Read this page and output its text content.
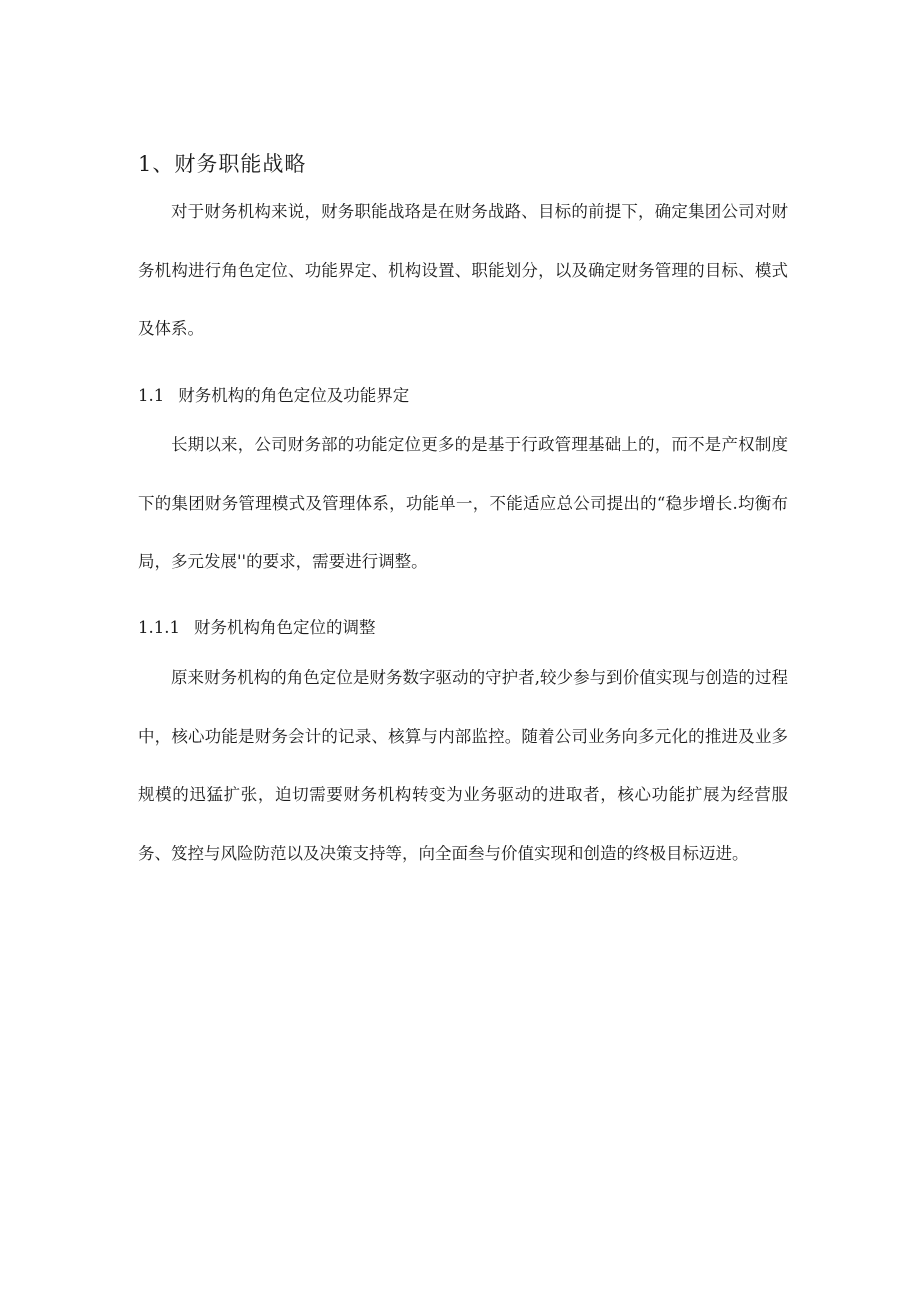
1、财务职能战略

对于财务机构来说，财务职能战珞是在财务战路、目标的前提下，确定集团公司对财务机构进行角色定位、功能界定、机构设置、职能划分，以及确定财务管理的目标、模式及体系。

1.1 财务机构的角色定位及功能界定

长期以来，公司财务部的功能定位更多的是基于行政管理基础上的，而不是产权制度下的集团财务管理模式及管理体系，功能单一，不能适应总公司提出的“稳步增长.均衡布局，多元发展''的要求，需要进行调整。

1.1.1 财务机构角色定位的调整

原来财务机构的角色定位是财务数字驱动的守护者,较少参与到价值实现与创造的过程中，核心功能是财务会计的记录、核算与内部监控。随着公司业务向多元化的推进及业多规模的迅猛扩张，迫切需要财务机构转变为业务驱动的进取者，核心功能扩展为经营服务、笈控与风险防范以及决策支持等，向全面叁与价值实现和创造的终极目标迈进。
